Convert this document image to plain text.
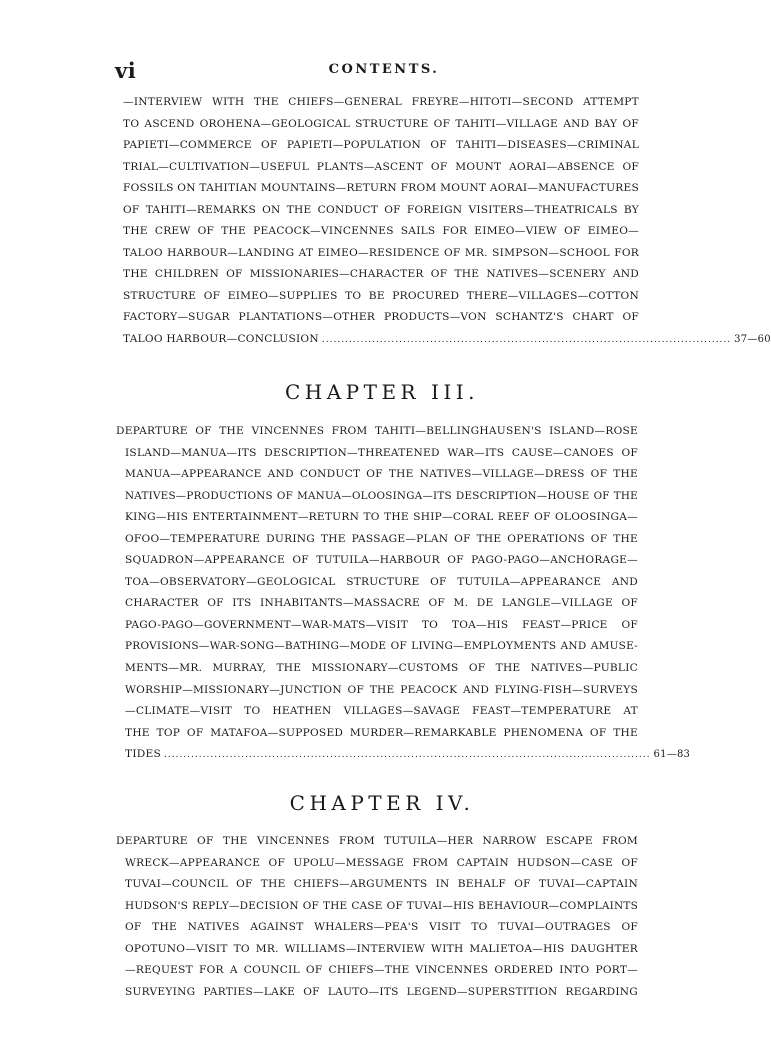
vi	CONTENTS.
—INTERVIEW WITH THE CHIEFS—GENERAL FREYRE—HITOTI—SECOND ATTEMPT
TO ASCEND OROHENA—GEOLOGICAL STRUCTURE OF TAHITI—VILLAGE AND BAY OF
PAPIETI—COMMERCE OF PAPIETI—POPULATION OF TAHITI—DISEASES—CRIMINAL
TRIAL—CULTIVATION—USEFUL PLANTS—ASCENT OF MOUNT AORAI—ABSENCE OF
FOSSILS ON TAHITIAN MOUNTAINS—RETURN FROM MOUNT AORAI—MANUFACTURES
OF TAHITI—REMARKS ON THE CONDUCT OF FOREIGN VISITERS—THEATRICALS BY
THE CREW OF THE PEACOCK—VINCENNES SAILS FOR EIMEO—VIEW OF EIMEO—
TALOO HARBOUR—LANDING AT EIMEO—RESIDENCE OF MR. SIMPSON—SCHOOL FOR
THE CHILDREN OF MISSIONARIES—CHARACTER OF THE NATIVES—SCENERY AND
STRUCTURE OF EIMEO—SUPPLIES TO BE PROCURED THERE—VILLAGES—COTTON
FACTORY—SUGAR PLANTATIONS—OTHER PRODUCTS—VON SCHANTZ'S CHART OF
TALOO HARBOUR—CONCLUSION .......................................................................................................... 37—60
CHAPTER III.
DEPARTURE OF THE VINCENNES FROM TAHITI—BELLINGHAUSEN'S ISLAND—ROSE
ISLAND—MANUA—ITS DESCRIPTION—THREATENED WAR—ITS CAUSE—CANOES OF
MANUA—APPEARANCE AND CONDUCT OF THE NATIVES—VILLAGE—DRESS OF THE
NATIVES—PRODUCTIONS OF MANUA—OLOOSINGA—ITS DESCRIPTION—HOUSE OF THE
KING—HIS ENTERTAINMENT—RETURN TO THE SHIP—CORAL REEF OF OLOOSINGA—
OFOO—TEMPERATURE DURING THE PASSAGE—PLAN OF THE OPERATIONS OF THE
SQUADRON—APPEARANCE OF TUTUILA—HARBOUR OF PAGO-PAGO—ANCHORAGE—
TOA—OBSERVATORY—GEOLOGICAL STRUCTURE OF TUTUILA—APPEARANCE AND
CHARACTER OF ITS INHABITANTS—MASSACRE OF M. DE LANGLE—VILLAGE OF
PAGO-PAGO—GOVERNMENT—WAR-MATS—VISIT TO TOA—HIS FEAST—PRICE OF
PROVISIONS—WAR-SONG—BATHING—MODE OF LIVING—EMPLOYMENTS AND AMUSE-
MENTS—MR. MURRAY, THE MISSIONARY—CUSTOMS OF THE NATIVES—PUBLIC
WORSHIP—MISSIONARY—JUNCTION OF THE PEACOCK AND FLYING-FISH—SURVEYS
—CLIMATE—VISIT TO HEATHEN VILLAGES—SAVAGE FEAST—TEMPERATURE AT
THE TOP OF MATAFOA—SUPPOSED MURDER—REMARKABLE PHENOMENA OF THE
TIDES .............................................................................................................................. 61—83
CHAPTER IV.
DEPARTURE OF THE VINCENNES FROM TUTUILA—HER NARROW ESCAPE FROM
WRECK—APPEARANCE OF UPOLU—MESSAGE FROM CAPTAIN HUDSON—CASE OF
TUVAI—COUNCIL OF THE CHIEFS—ARGUMENTS IN BEHALF OF TUVAI—CAPTAIN
HUDSON'S REPLY—DECISION OF THE CASE OF TUVAI—HIS BEHAVIOUR—COMPLAINTS
OF THE NATIVES AGAINST WHALERS—PEA'S VISIT TO TUVAI—OUTRAGES OF
OPOTUNO—VISIT TO MR. WILLIAMS—INTERVIEW WITH MALIETOA—HIS DAUGHTER
—REQUEST FOR A COUNCIL OF CHIEFS—THE VINCENNES ORDERED INTO PORT—
SURVEYING PARTIES—LAKE OF LAUTO—ITS LEGEND—SUPERSTITION REGARDING
